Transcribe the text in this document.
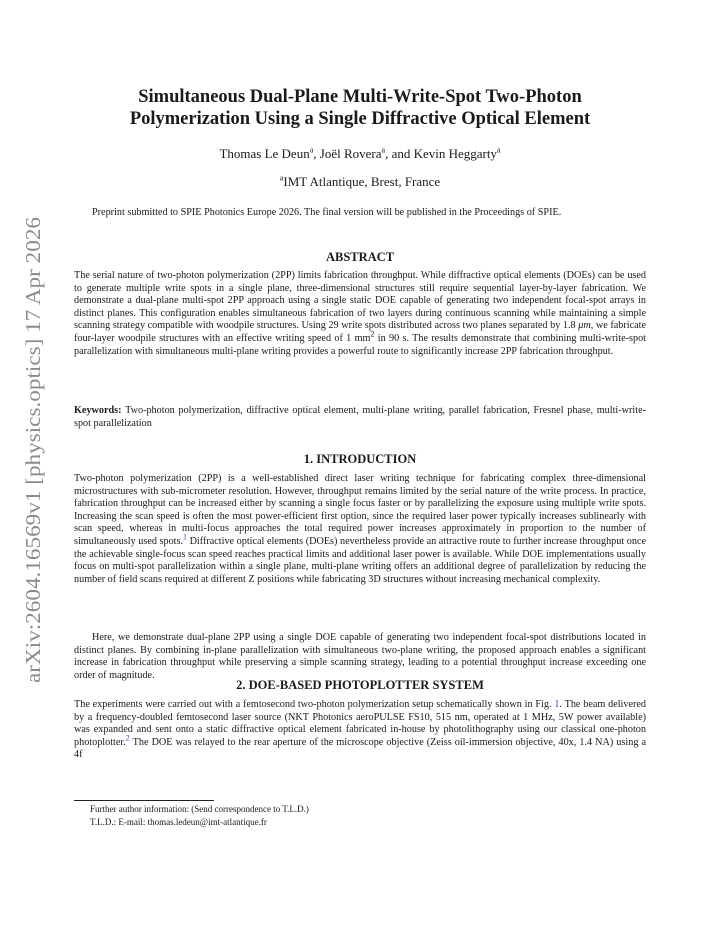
arXiv:2604.16569v1 [physics.optics] 17 Apr 2026
Simultaneous Dual-Plane Multi-Write-Spot Two-Photon
Polymerization Using a Single Diffractive Optical Element
Thomas Le Deun$^a$, Joël Rovera$^a$, and Kevin Heggarty$^a$
$^a$IMT Atlantique, Brest, France
Preprint submitted to SPIE Photonics Europe 2026. The final version will be published in the Proceedings of SPIE.
ABSTRACT
The serial nature of two-photon polymerization (2PP) limits fabrication throughput. While diffractive optical elements (DOEs) can be used to generate multiple write spots in a single plane, three-dimensional structures still require sequential layer-by-layer fabrication. We demonstrate a dual-plane multi-spot 2PP approach using a single static DOE capable of generating two independent focal-spot arrays in distinct planes. This configuration enables simultaneous fabrication of two layers during continuous scanning while maintaining a simple scanning strategy compatible with woodpile structures. Using 29 write spots distributed across two planes separated by 1.8 μm, we fabricate four-layer woodpile structures with an effective writing speed of 1 $mm^2$ in 90 s. The results demonstrate that combining multi-write-spot parallelization with simultaneous multi-plane writing provides a powerful route to significantly increase 2PP fabrication throughput.
Keywords: Two-photon polymerization, diffractive optical element, multi-plane writing, parallel fabrication, Fresnel phase, multi-write-spot parallelization
1. INTRODUCTION
Two-photon polymerization (2PP) is a well-established direct laser writing technique for fabricating complex three-dimensional microstructures with sub-micrometer resolution. However, throughput remains limited by the serial nature of the write process. In practice, fabrication throughput can be increased either by scanning a single focus faster or by parallelizing the exposure using multiple write spots. Increasing the scan speed is often the most power-efficient first option, since the required laser power typically increases sublinearly with scan speed, whereas in multi-focus approaches the total required power increases approximately in proportion to the number of simultaneously used spots.$^1$ Diffractive optical elements (DOEs) nevertheless provide an attractive route to further increase throughput once the achievable single-focus scan speed reaches practical limits and additional laser power is available. While DOE implementations usually focus on multi-spot parallelization within a single plane, multi-plane writing offers an additional degree of parallelization by reducing the number of field scans required at different Z positions while fabricating 3D structures without increasing mechanical complexity.
Here, we demonstrate dual-plane 2PP using a single DOE capable of generating two independent focal-spot distributions located in distinct planes. By combining in-plane parallelization with simultaneous two-plane writing, the proposed approach enables a significant increase in fabrication throughput while preserving a simple scanning strategy, leading to a potential throughput increase exceeding one order of magnitude.
2. DOE-BASED PHOTOPLOTTER SYSTEM
The experiments were carried out with a femtosecond two-photon polymerization setup schematically shown in Fig. 1. The beam delivered by a frequency-doubled femtosecond laser source (NKT Photonics aeroPULSE FS10, 515 nm, operated at 1 MHz, 5W power available) was expanded and sent onto a static diffractive optical element fabricated in-house by photolithography using our classical one-photon photoplotter.$^2$ The DOE was relayed to the rear aperture of the microscope objective (Zeiss oil-immersion objective, 40x, 1.4 NA) using a 4f
Further author information: (Send correspondence to T.L.D.)
T.L.D.: E-mail: thomas.ledeun@imt-atlantique.fr
